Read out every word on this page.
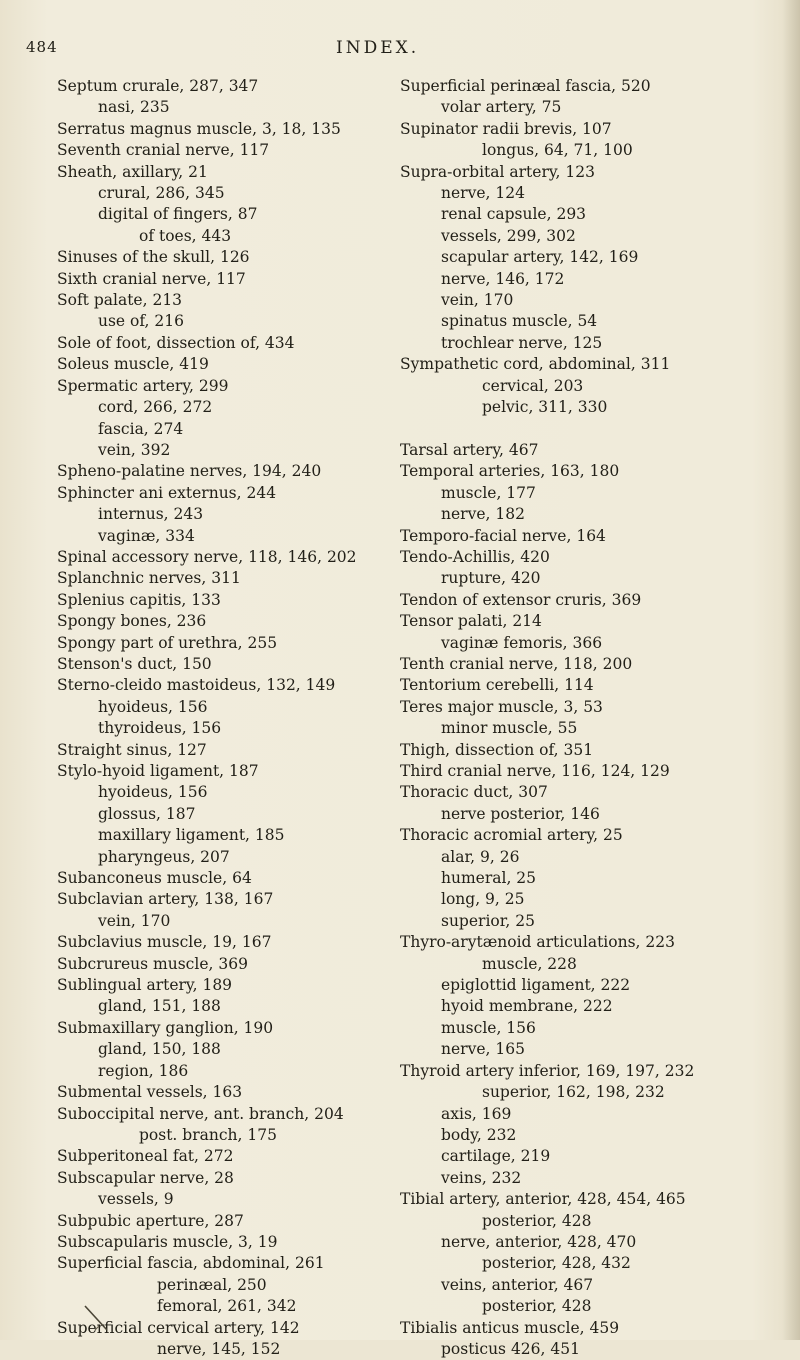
484	INDEX.
Septum crurale, 287, 347
nasi, 235
Serratus magnus muscle, 3, 18, 135
Seventh cranial nerve, 117
Sheath, axillary, 21
crural, 286, 345
digital of fingers, 87
of toes, 443
Sinuses of the skull, 126
Sixth cranial nerve, 117
Soft palate, 213
use of, 216
Sole of foot, dissection of, 434
Soleus muscle, 419
Spermatic artery, 299
cord, 266, 272
fascia, 274
vein, 392
Spheno-palatine nerves, 194, 240
Sphincter ani externus, 244
internus, 243
vaginæ, 334
Spinal accessory nerve, 118, 146, 202
Splanchnic nerves, 311
Splenius capitis, 133
Spongy bones, 236
Spongy part of urethra, 255
Stenson's duct, 150
Sterno-cleido mastoideus, 132, 149
hyoideus, 156
thyroideus, 156
Straight sinus, 127
Stylo-hyoid ligament, 187
hyoideus, 156
glossus, 187
maxillary ligament, 185
pharyngeus, 207
Subanconeus muscle, 64
Subclavian artery, 138, 167
vein, 170
Subclavius muscle, 19, 167
Subcrureus muscle, 369
Sublingual artery, 189
gland, 151, 188
Submaxillary ganglion, 190
gland, 150, 188
region, 186
Submental vessels, 163
Suboccipital nerve, ant. branch, 204
post. branch, 175
Subperitoneal fat, 272
Subscapular nerve, 28
vessels, 9
Subpubic aperture, 287
Subscapularis muscle, 3, 19
Superficial fascia, abdominal, 261
perinæal, 250
femoral, 261, 342
Superficial cervical artery, 142
nerve, 145, 152
Superficial perinæal fascia, 520
volar artery, 75
Supinator radii brevis, 107
longus, 64, 71, 100
Supra-orbital artery, 123
nerve, 124
renal capsule, 293
vessels, 299, 302
scapular artery, 142, 169
nerve, 146, 172
vein, 170
spinatus muscle, 54
trochlear nerve, 125
Sympathetic cord, abdominal, 311
cervical, 203
pelvic, 311, 330

Tarsal artery, 467
Temporal arteries, 163, 180
muscle, 177
nerve, 182
Temporo-facial nerve, 164
Tendo-Achillis, 420
rupture, 420
Tendon of extensor cruris, 369
Tensor palati, 214
vaginæ femoris, 366
Tenth cranial nerve, 118, 200
Tentorium cerebelli, 114
Teres major muscle, 3, 53
minor muscle, 55
Thigh, dissection of, 351
Third cranial nerve, 116, 124, 129
Thoracic duct, 307
nerve posterior, 146
Thoracic acromial artery, 25
alar, 9, 26
humeral, 25
long, 9, 25
superior, 25
Thyro-arytænoid articulations, 223
muscle, 228
epiglottid ligament, 222
hyoid membrane, 222
muscle, 156
nerve, 165
Thyroid artery inferior, 169, 197, 232
superior, 162, 198, 232
axis, 169
body, 232
cartilage, 219
veins, 232
Tibial artery, anterior, 428, 454, 465
posterior, 428
nerve, anterior, 428, 470
posterior, 428, 432
veins, anterior, 467
posterior, 428
Tibialis anticus muscle, 459
posticus 426, 451
